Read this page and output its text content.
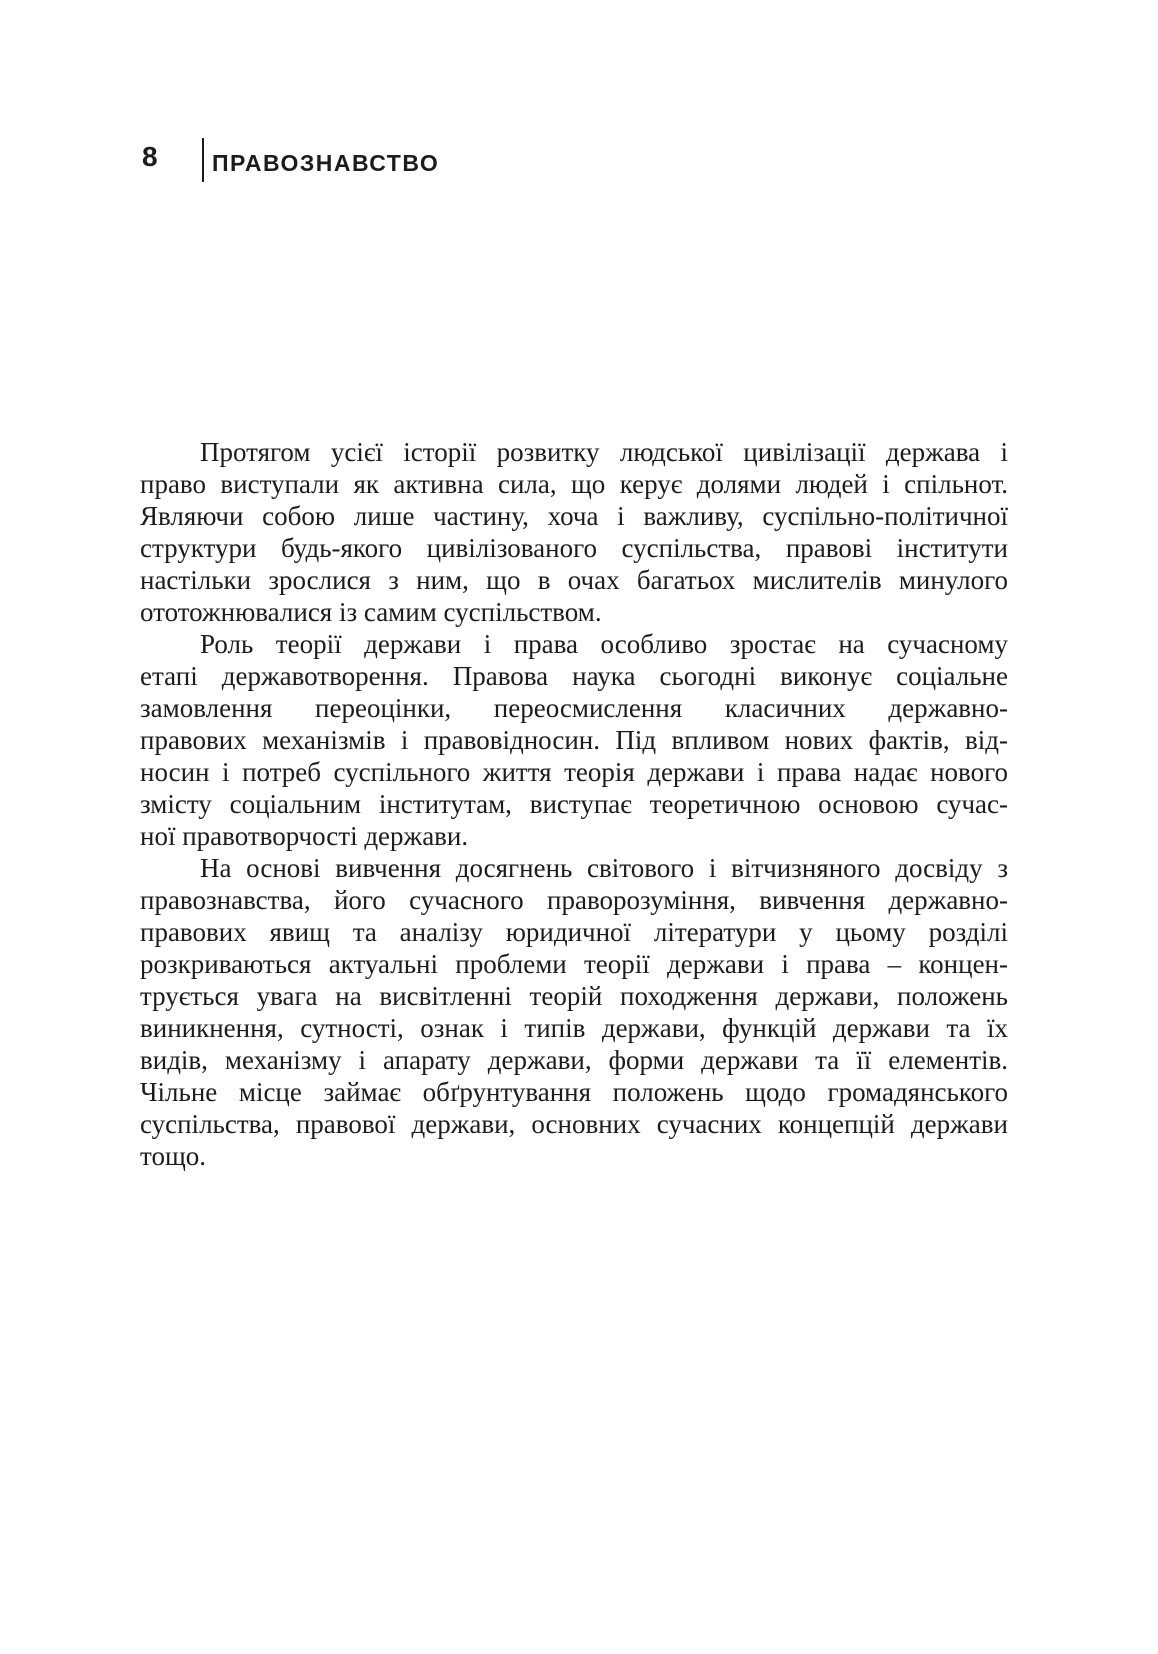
8 ПРАВОЗНАВСТВО
Протягом усієї історії розвитку людської цивілізації держава і
право виступали як активна сила, що керує долями людей і спільнот.
Являючи собою лише частину, хоча і важливу, суспільно-політичної
структури будь-якого цивілізованого суспільства, правові інститути
настільки зрослися з ним, що в очах багатьох мислителів минулого
ототожнювалися із самим суспільством.
Роль теорії держави і права особливо зростає на сучасному
етапі державотворення. Правова наука сьогодні виконує соціальне
замовлення переоцінки, переосмислення класичних державно-
правових механізмів і правовідносин. Під впливом нових фактів, від-
носин і потреб суспільного життя теорія держави і права надає нового
змісту соціальним інститутам, виступає теоретичною основою сучас-
ної правотворчості держави.
На основі вивчення досягнень світового і вітчизняного досвіду з
правознавства, його сучасного праворозуміння, вивчення державно-
правових явищ та аналізу юридичної літератури у цьому розділі
розкриваються актуальні проблеми теорії держави і права – концен-
трується увага на висвітленні теорій походження держави, положень
виникнення, сутності, ознак і типів держави, функцій держави та їх
видів, механізму і апарату держави, форми держави та її елементів.
Чільне місце займає обґрунтування положень щодо громадянського
суспільства, правової держави, основних сучасних концепцій держави
тощо.
